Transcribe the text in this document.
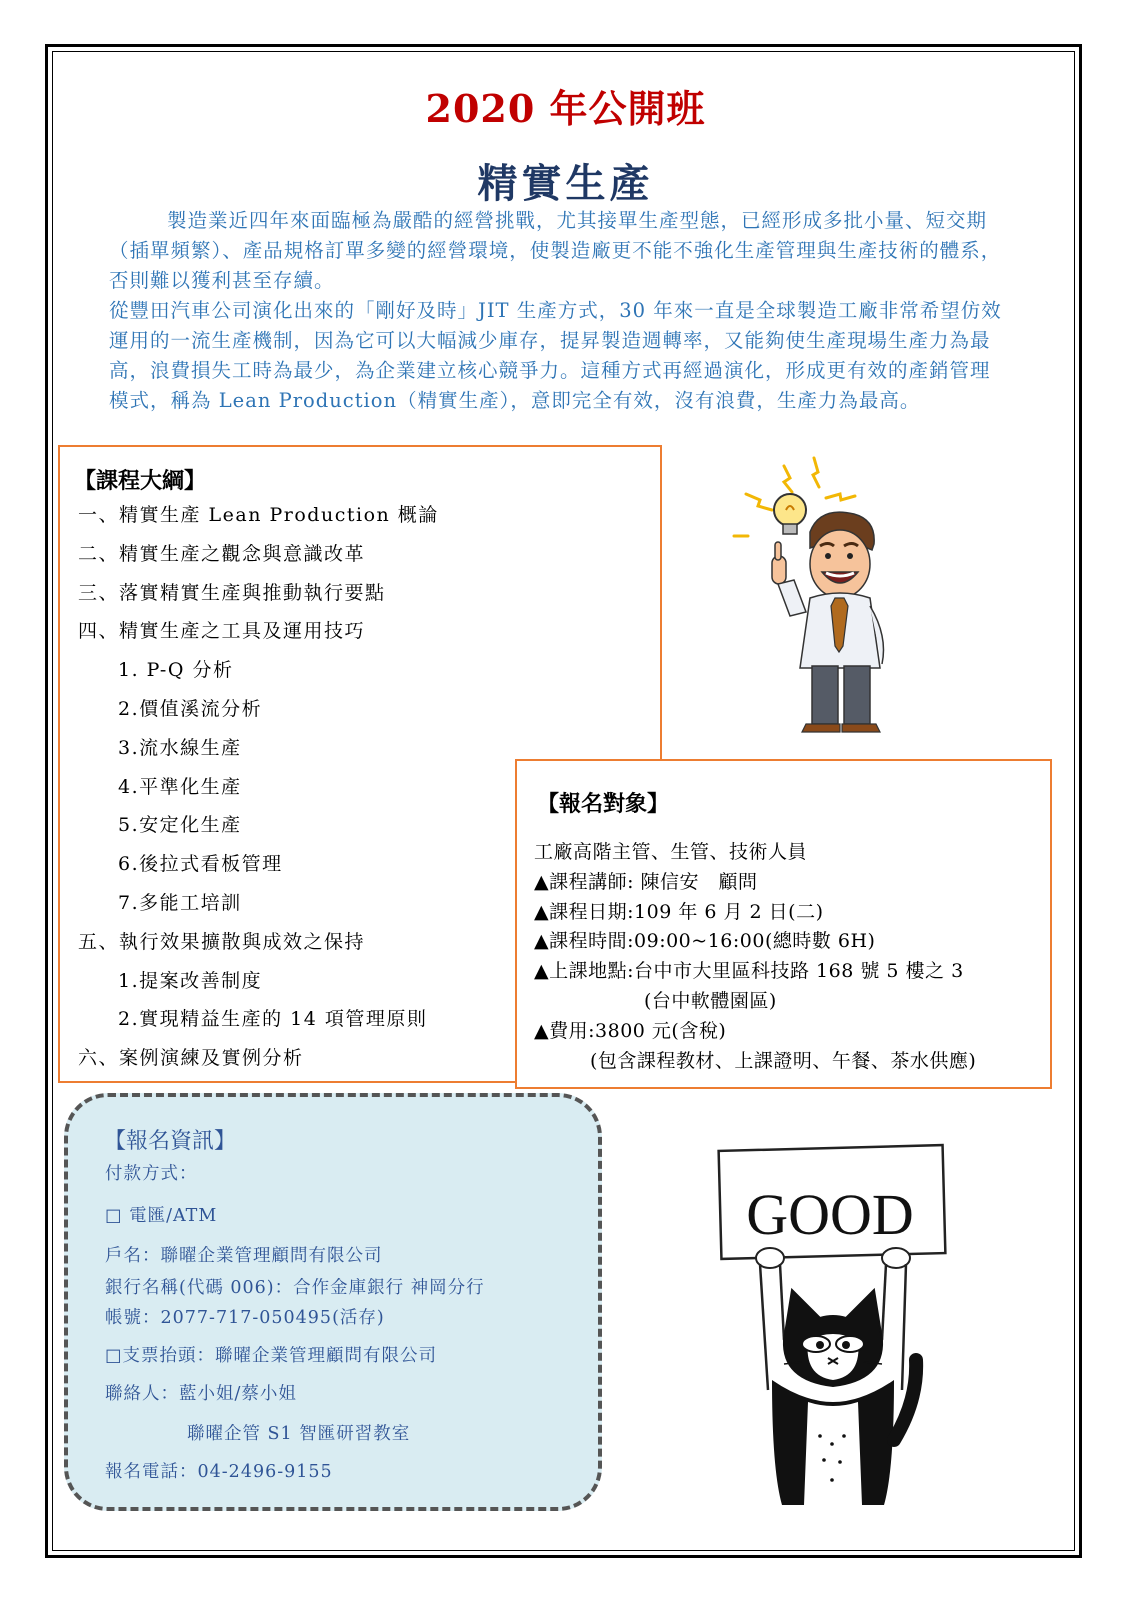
2020 年公開班
精實生產

製造業近四年來面臨極為嚴酷的經營挑戰，尤其接單生產型態，已經形成多批小量、短交期（插單頻繁）、產品規格訂單多變的經營環境，使製造廠更不能不強化生產管理與生產技術的體系，否則難以獲利甚至存續。

從豐田汽車公司演化出來的「剛好及時」JIT 生產方式，30 年來一直是全球製造工廠非常希望仿效運用的一流生產機制，因為它可以大幅減少庫存，提昇製造週轉率，又能夠使生產現場生產力為最高，浪費損失工時為最少，為企業建立核心競爭力。這種方式再經過演化，形成更有效的產銷管理模式，稱為 Lean Production（精實生產），意即完全有效，沒有浪費，生產力為最高。

【課程大綱】
一、精實生產 Lean Production 概論
二、精實生產之觀念與意識改革
三、落實精實生產與推動執行要點
四、精實生產之工具及運用技巧
1. P-Q 分析
2.價值溪流分析
3.流水線生產
4.平準化生產
5.安定化生產
6.後拉式看板管理
7.多能工培訓
五、執行效果擴散與成效之保持
1.提案改善制度
2.實現精益生產的 14 項管理原則
六、案例演練及實例分析
【報名對象】
工廠高階主管、生管、技術人員
▲課程講師: 陳信安　顧問
▲課程日期:109 年 6 月 2 日(二)
▲課程時間:09:00~16:00(總時數 6H)
▲上課地點:台中市大里區科技路 168 號 5 樓之 3
(台中軟體園區)
▲費用:3800 元(含稅)
(包含課程教材、上課證明、午餐、茶水供應)
【報名資訊】
付款方式：
□ 電匯/ATM
戶名：聯曜企業管理顧問有限公司
銀行名稱(代碼 006)：合作金庫銀行 神岡分行
帳號：2077-717-050495(活存)
□支票抬頭：聯曜企業管理顧問有限公司
聯絡人：藍小姐/蔡小姐
聯曜企管 S1 智匯研習教室
報名電話：04-2496-9155
GOOD
